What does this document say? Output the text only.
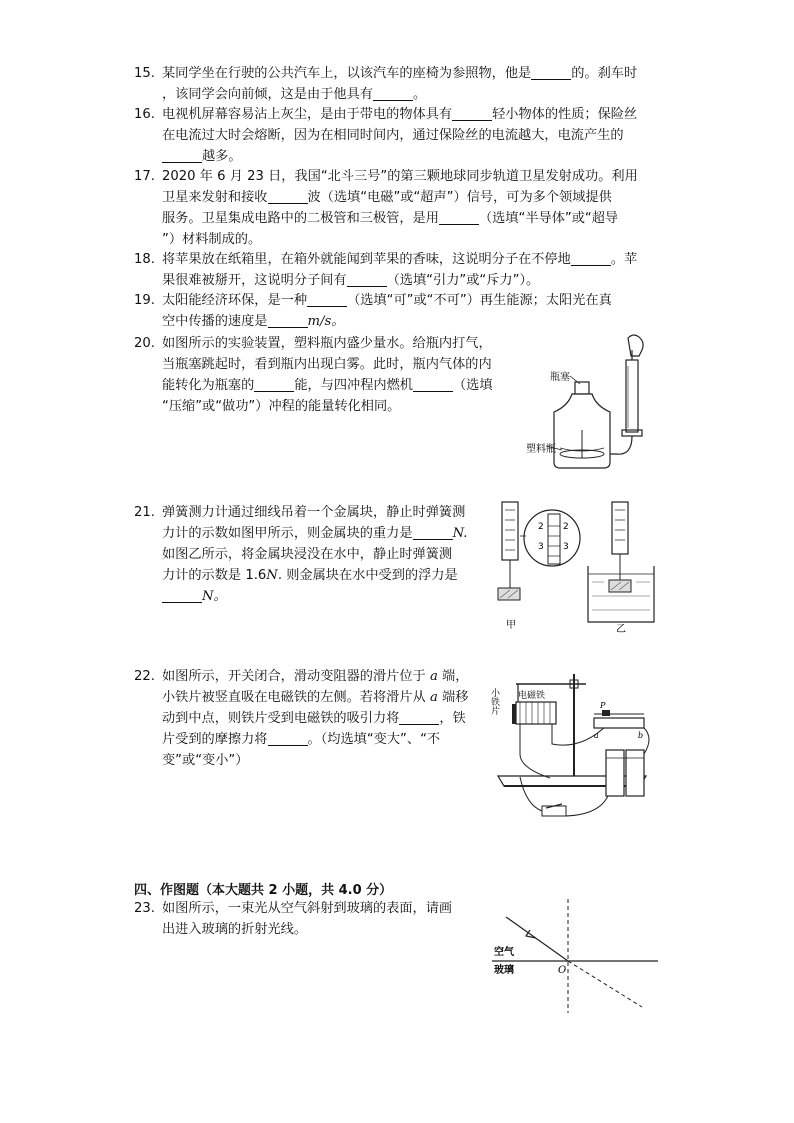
15. 某同学坐在行驶的公共汽车上，以该汽车的座椅为参照物，他是	的。刹车时
，该同学会向前倾，这是由于他具有	。
16. 电视机屏幕容易沾上灰尘，是由于带电的物体具有	轻小物体的性质；保险丝
在电流过大时会熔断，因为在相同时间内，通过保险丝的电流越大，电流产生的
越多。
17. 2020 年 6 月 23 日，我国“北斗三号”的第三颗地球同步轨道卫星发射成功。利用
卫星来发射和接收	波（选填“电磁”或“超声”）信号，可为多个领域提供
服务。卫星集成电路中的二极管和三极管，是用	（选填“半导体”或“超导
”）材料制成的。
18. 将苹果放在纸箱里，在箱外就能闻到苹果的香味，这说明分子在不停地	。苹
果很难被掰开，这说明分子间有	（选填“引力”或“斥力”）。
19. 太阳能经济环保，是一种	（选填“可”或“不可”）再生能源；太阳光在真
空中传播的速度是	m/s。
20. 如图所示的实验装置，塑料瓶内盛少量水。给瓶内打气，
当瓶塞跳起时，看到瓶内出现白雾。此时，瓶内气体的内
能转化为瓶塞的	能，与四冲程内燃机	（选填
“压缩”或“做功”）冲程的能量转化相同。
瓶塞
塑料瓶
21. 弹簧测力计通过细线吊着一个金属块，静止时弹簧测
力计的示数如图甲所示，则金属块的重力是	N.
如图乙所示，将金属块浸没在水中，静止时弹簧测
力计的示数是 1.6N. 则金属块在水中受到的浮力是
N。
2 2
3 3
甲	乙
22. 如图所示，开关闭合，滑动变阻器的滑片位于 a 端，
小铁片被竖直吸在电磁铁的左侧。若将滑片从 a 端移
动到中点，则铁片受到电磁铁的吸引力将	，铁
片受到的摩擦力将	。（均选填“变大”、“不
变”或“变小”）
电磁铁
小铁片	P
a	b
四、作图题（本大题共 2 小题，共 4.0 分）
23. 如图所示，一束光从空气斜射到玻璃的表面，请画
出进入玻璃的折射光线。
空气
玻璃	O
